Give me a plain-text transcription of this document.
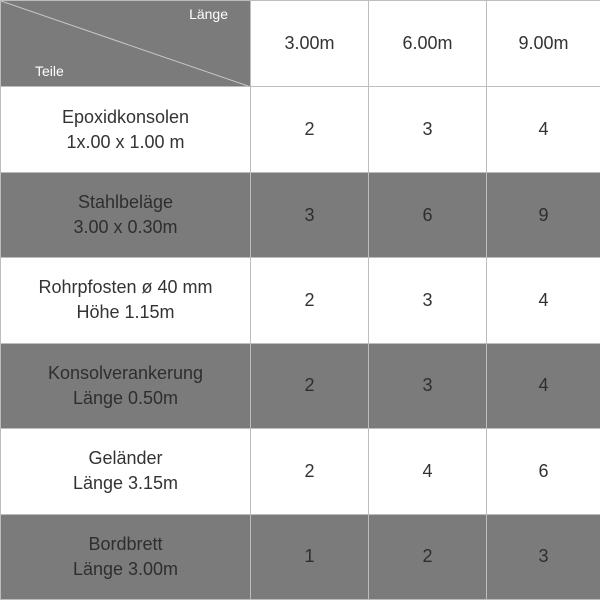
Länge
Teile	3.00m	6.00m	9.00m

Epoxidkonsolen
1x.00 x 1.00 m	2	3	4

Stahlbeläge
3.00 x 0.30m	3	6	9

Rohrpfosten ø 40 mm
Höhe 1.15m	2	3	4

Konsolverankerung
Länge 0.50m	2	3	4

Geländer
Länge 3.15m	2	4	6

Bordbrett
Länge 3.00m	1	2	3
